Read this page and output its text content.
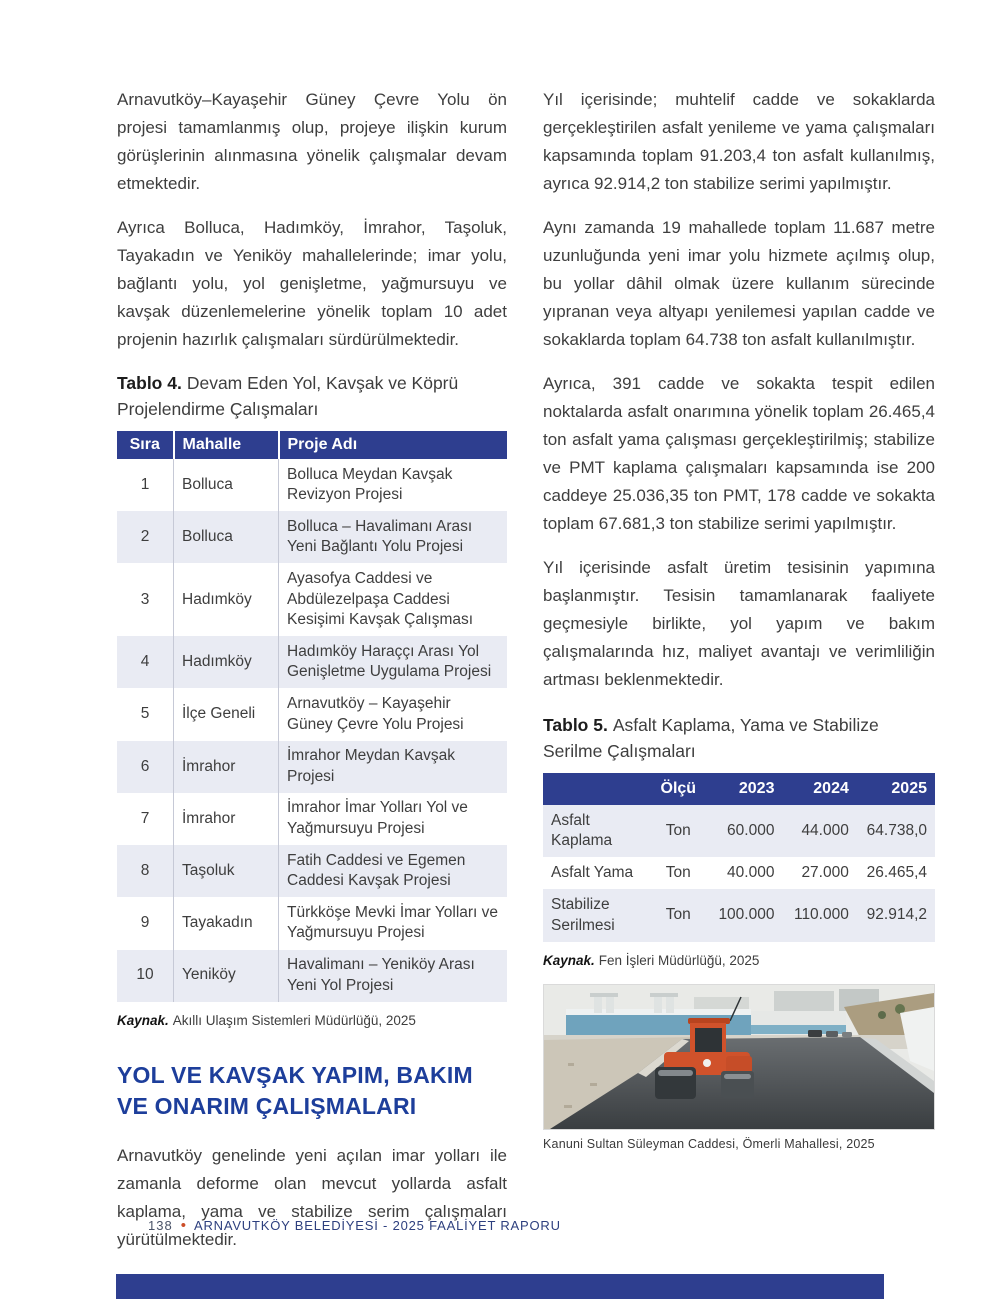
Arnavutköy–Kayaşehir Güney Çevre Yolu ön projesi tamamlanmış olup, projeye ilişkin kurum görüşlerinin alınmasına yönelik çalışmalar devam etmektedir.

Ayrıca Bolluca, Hadımköy, İmrahor, Taşoluk, Tayakadın ve Yeniköy mahallelerinde; imar yolu, bağlantı yolu, yol genişletme, yağmursuyu ve kavşak düzenlemelerine yönelik toplam 10 adet projenin hazırlık çalışmaları sürdürülmektedir.

Tablo 4. Devam Eden Yol, Kavşak ve Köprü Projelendirme Çalışmaları
Sıra	Mahalle	Proje Adı
1	Bolluca	Bolluca Meydan Kavşak Revizyon Projesi
2	Bolluca	Bolluca – Havalimanı Arası Yeni Bağlantı Yolu Projesi
3	Hadımköy	Ayasofya Caddesi ve Abdülezelpaşa Caddesi Kesişimi Kavşak Çalışması
4	Hadımköy	Hadımköy Haraççı Arası Yol Genişletme Uygulama Projesi
5	İlçe Geneli	Arnavutköy – Kayaşehir Güney Çevre Yolu Projesi
6	İmrahor	İmrahor Meydan Kavşak Projesi
7	İmrahor	İmrahor İmar Yolları Yol ve Yağmursuyu Projesi
8	Taşoluk	Fatih Caddesi ve Egemen Caddesi Kavşak Projesi
9	Tayakadın	Türkköşe Mevki İmar Yolları ve Yağmursuyu Projesi
10	Yeniköy	Havalimanı – Yeniköy Arası Yeni Yol Projesi
Kaynak. Akıllı Ulaşım Sistemleri Müdürlüğü, 2025
YOL VE KAVŞAK YAPIM, BAKIM VE ONARIM ÇALIŞMALARI

Arnavutköy genelinde yeni açılan imar yolları ile zamanla deforme olan mevcut yollarda asfalt kaplama, yama ve stabilize serim çalışmaları yürütülmektedir.

Yıl içerisinde; muhtelif cadde ve sokaklarda gerçekleştirilen asfalt yenileme ve yama çalışmaları kapsamında toplam 91.203,4 ton asfalt kullanılmış, ayrıca 92.914,2 ton stabilize serimi yapılmıştır.

Aynı zamanda 19 mahallede toplam 11.687 metre uzunluğunda yeni imar yolu hizmete açılmış olup, bu yollar dâhil olmak üzere kullanım sürecinde yıpranan veya altyapı yenilemesi yapılan cadde ve sokaklarda toplam 64.738 ton asfalt kullanılmıştır.

Ayrıca, 391 cadde ve sokakta tespit edilen noktalarda asfalt onarımına yönelik toplam 26.465,4 ton asfalt yama çalışması gerçekleştirilmiş; stabilize ve PMT kaplama çalışmaları kapsamında ise 200 caddeye 25.036,35 ton PMT, 178 cadde ve sokakta toplam 67.681,3 ton stabilize serimi yapılmıştır.

Yıl içerisinde asfalt üretim tesisinin yapımına başlanmıştır. Tesisin tamamlanarak faaliyete geçmesiyle birlikte, yol yapım ve bakım çalışmalarında hız, maliyet avantajı ve verimliliğin artması beklenmektedir.

Tablo 5. Asfalt Kaplama, Yama ve Stabilize Serilme Çalışmaları
	Ölçü	2023	2024	2025
Asfalt Kaplama	Ton	60.000	44.000	64.738,0
Asfalt Yama	Ton	40.000	27.000	26.465,4
Stabilize Serilmesi	Ton	100.000	110.000	92.914,2
Kaynak. Fen İşleri Müdürlüğü, 2025
Kanuni Sultan Süleyman Caddesi, Ömerli Mahallesi, 2025
138 • ARNAVUTKÖY BELEDİYESİ - 2025 FAALİYET RAPORU
